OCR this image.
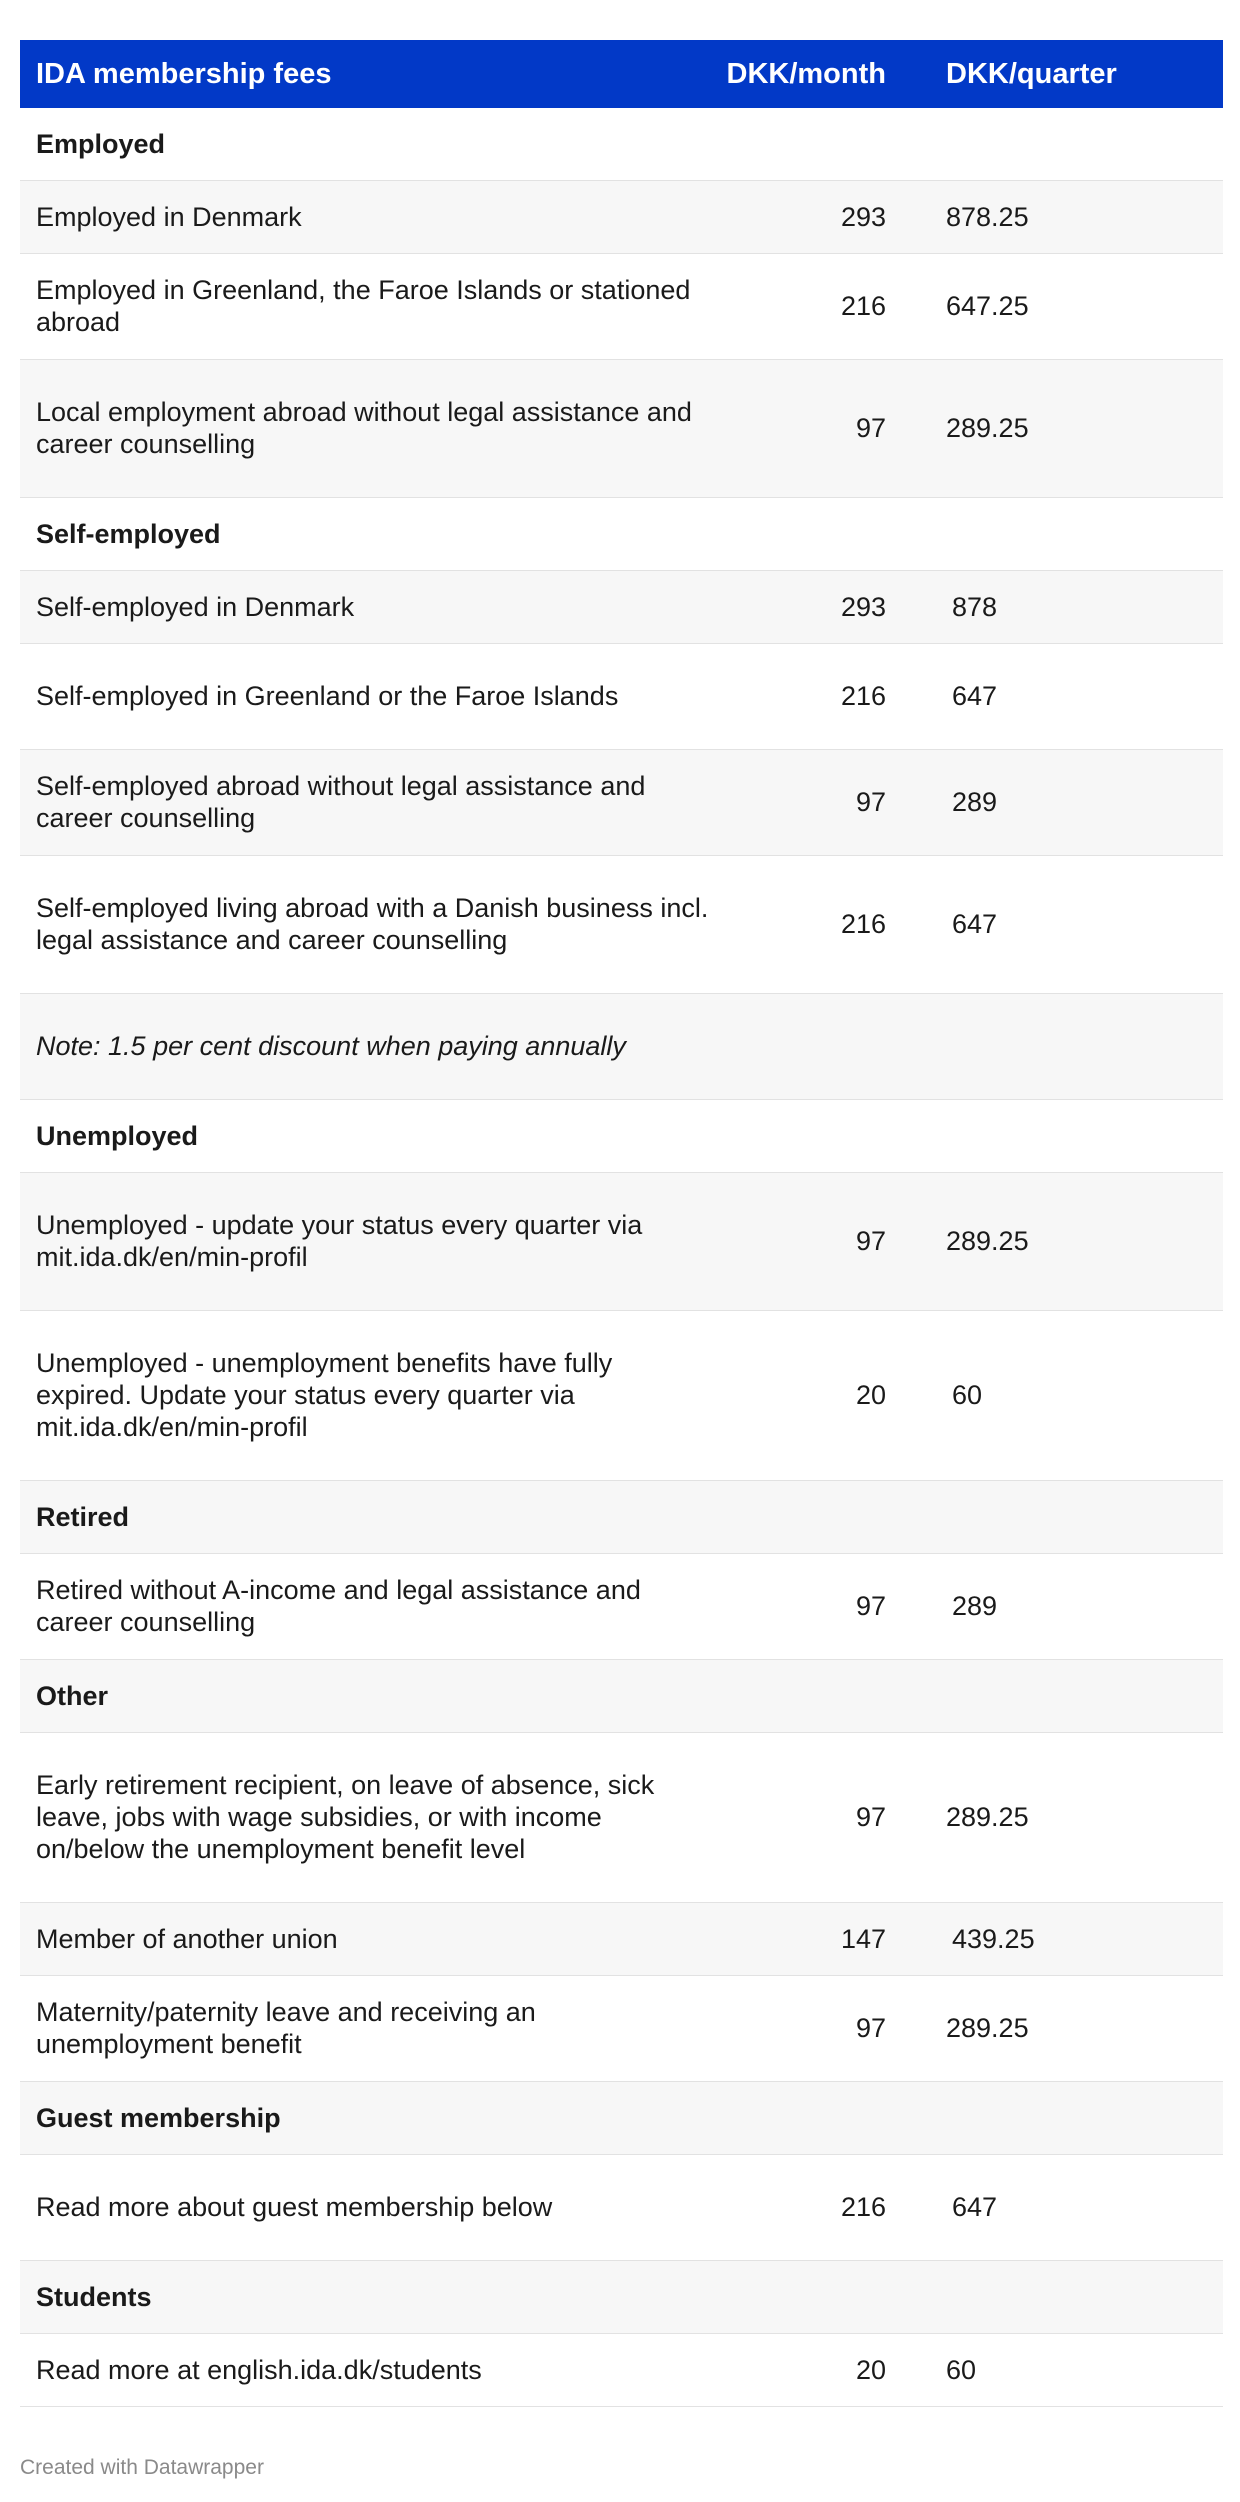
IDA membership fees	DKK/month	DKK/quarter
Employed		
Employed in Denmark	293	878.25
Employed in Greenland, the Faroe Islands or stationed abroad	216	647.25
Local employment abroad without legal assistance and career counselling	97	289.25
Self-employed		
Self-employed in Denmark	293	878
Self-employed in Greenland or the Faroe Islands	216	647
Self-employed abroad without legal assistance and career counselling	97	289
Self-employed living abroad with a Danish business incl. legal assistance and career counselling	216	647
Note: 1.5 per cent discount when paying annually		
Unemployed		
Unemployed - update your status every quarter via mit.ida.dk/en/min-profil	97	289.25
Unemployed - unemployment benefits have fully expired. Update your status every quarter via mit.ida.dk/en/min-profil	20	60
Retired		
Retired without A-income and legal assistance and career counselling	97	289
Other		
Early retirement recipient, on leave of absence, sick leave, jobs with wage subsidies, or with income on/below the unemployment benefit level	97	289.25
Member of another union	147	439.25
Maternity/paternity leave and receiving an unemployment benefit	97	289.25
Guest membership		
Read more about guest membership below	216	647
Students		
Read more at english.ida.dk/students	20	60
Created with Datawrapper
